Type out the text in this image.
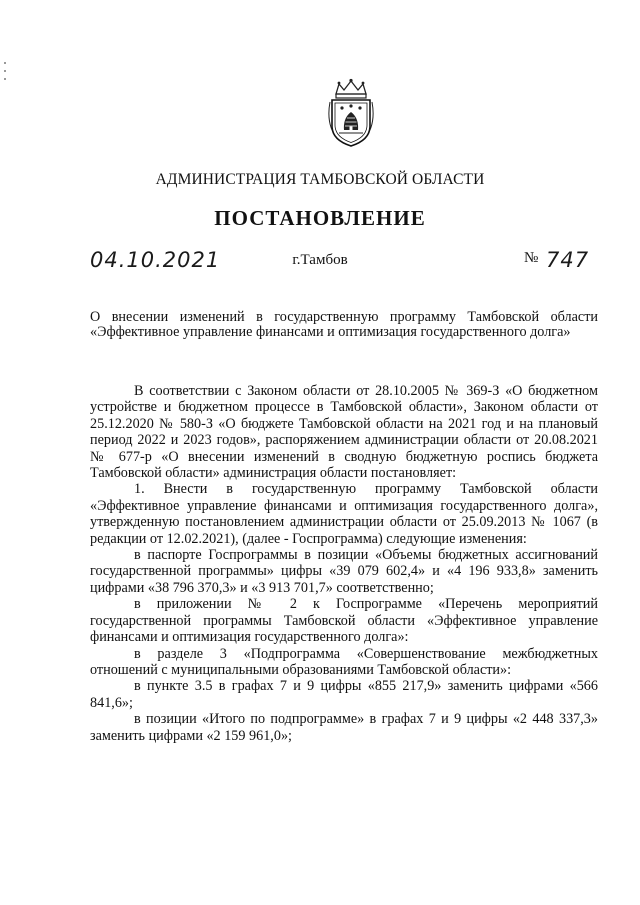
АДМИНИСТРАЦИЯ ТАМБОВСКОЙ ОБЛАСТИ
ПОСТАНОВЛЕНИЕ
04.10.2021	г.Тамбов	№ 747
О внесении изменений в государственную программу Тамбовской области «Эффективное управление финансами и оптимизация государственного долга»

В соответствии с Законом области от 28.10.2005 № 369-З «О бюджетном устройстве и бюджетном процессе в Тамбовской области», Законом области от 25.12.2020 № 580-З «О бюджете Тамбовской области на 2021 год и на плановый период 2022 и 2023 годов», распоряжением администрации области от 20.08.2021 № 677-р «О внесении изменений в сводную бюджетную роспись бюджета Тамбовской области» администрация области постановляет:

1. Внести в государственную программу Тамбовской области «Эффективное управление финансами и оптимизация государственного долга», утвержденную постановлением администрации области от 25.09.2013 № 1067 (в редакции от 12.02.2021), (далее - Госпрограмма) следующие изменения:

в паспорте Госпрограммы в позиции «Объемы бюджетных ассигнований государственной программы» цифры «39 079 602,4» и «4 196 933,8» заменить цифрами «38 796 370,3» и «3 913 701,7» соответственно;

в приложении № 2 к Госпрограмме «Перечень мероприятий государственной программы Тамбовской области «Эффективное управление финансами и оптимизация государственного долга»:

в разделе 3 «Подпрограмма «Совершенствование межбюджетных отношений с муниципальными образованиями Тамбовской области»:

в пункте 3.5 в графах 7 и 9 цифры «855 217,9» заменить цифрами «566 841,6»;

в позиции «Итого по подпрограмме» в графах 7 и 9 цифры «2 448 337,3» заменить цифрами «2 159 961,0»;
